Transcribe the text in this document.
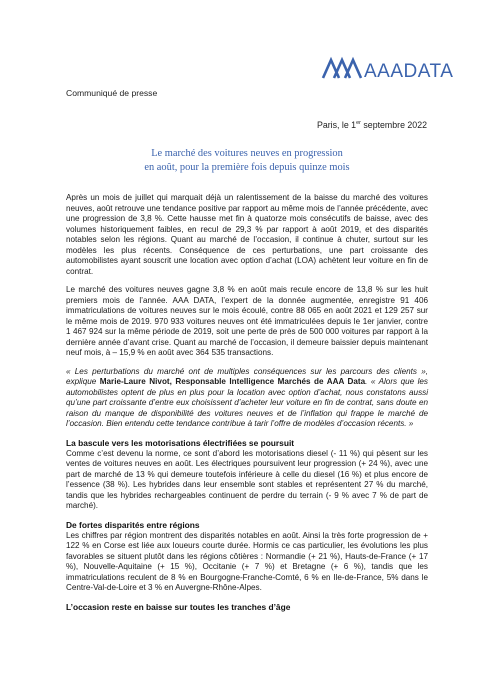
AAADATA
Communiqué de presse
Paris, le 1er septembre 2022
Le marché des voitures neuves en progression
en août, pour la première fois depuis quinze mois

Après un mois de juillet qui marquait déjà un ralentissement de la baisse du marché des voitures neuves, août retrouve une tendance positive par rapport au même mois de l’année précédente, avec une progression de 3,8 %. Cette hausse met fin à quatorze mois consécutifs de baisse, avec des volumes historiquement faibles, en recul de 29,3 % par rapport à août 2019, et des disparités notables selon les régions. Quant au marché de l’occasion, il continue à chuter, surtout sur les modèles les plus récents. Conséquence de ces perturbations, une part croissante des automobilistes ayant souscrit une location avec option d’achat (LOA) achètent leur voiture en fin de contrat.

Le marché des voitures neuves gagne 3,8 % en août mais recule encore de 13,8 % sur les huit premiers mois de l’année. AAA DATA, l’expert de la donnée augmentée, enregistre 91 406 immatriculations de voitures neuves sur le mois écoulé, contre 88 065 en août 2021 et 129 257 sur le même mois de 2019. 970 933 voitures neuves ont été immatriculées depuis le 1er janvier, contre 1 467 924 sur la même période de 2019, soit une perte de près de 500 000 voitures par rapport à la dernière année d’avant crise. Quant au marché de l’occasion, il demeure baissier depuis maintenant neuf mois, à – 15,9 % en août avec 364 535 transactions.

« Les perturbations du marché ont de multiples conséquences sur les parcours des clients », explique Marie-Laure Nivot, Responsable Intelligence Marchés de AAA Data. « Alors que les automobilistes optent de plus en plus pour la location avec option d’achat, nous constatons aussi qu’une part croissante d’entre eux choisissent d’acheter leur voiture en fin de contrat, sans doute en raison du manque de disponibilité des voitures neuves et de l’inflation qui frappe le marché de l’occasion. Bien entendu cette tendance contribue à tarir l’offre de modèles d’occasion récents. »

La bascule vers les motorisations électrifiées se poursuit

Comme c’est devenu la norme, ce sont d’abord les motorisations diesel (- 11 %) qui pèsent sur les ventes de voitures neuves en août. Les électriques poursuivent leur progression (+ 24 %), avec une part de marché de 13 % qui demeure toutefois inférieure à celle du diesel (16 %) et plus encore de l’essence (38 %). Les hybrides dans leur ensemble sont stables et représentent 27 % du marché, tandis que les hybrides rechargeables continuent de perdre du terrain (- 9 % avec 7 % de part de marché).

De fortes disparités entre régions

Les chiffres par région montrent des disparités notables en août. Ainsi la très forte progression de + 122 % en Corse est liée aux loueurs courte durée. Hormis ce cas particulier, les évolutions les plus favorables se situent plutôt dans les régions côtières : Normandie (+ 21 %), Hauts-de-France (+ 17 %), Nouvelle-Aquitaine (+ 15 %), Occitanie (+ 7 %) et Bretagne (+ 6 %), tandis que les immatriculations reculent de 8 % en Bourgogne-Franche-Comté, 6 % en Ile-de-France, 5% dans le Centre-Val-de-Loire et 3 % en Auvergne-Rhône-Alpes.

L’occasion reste en baisse sur toutes les tranches d’âge
